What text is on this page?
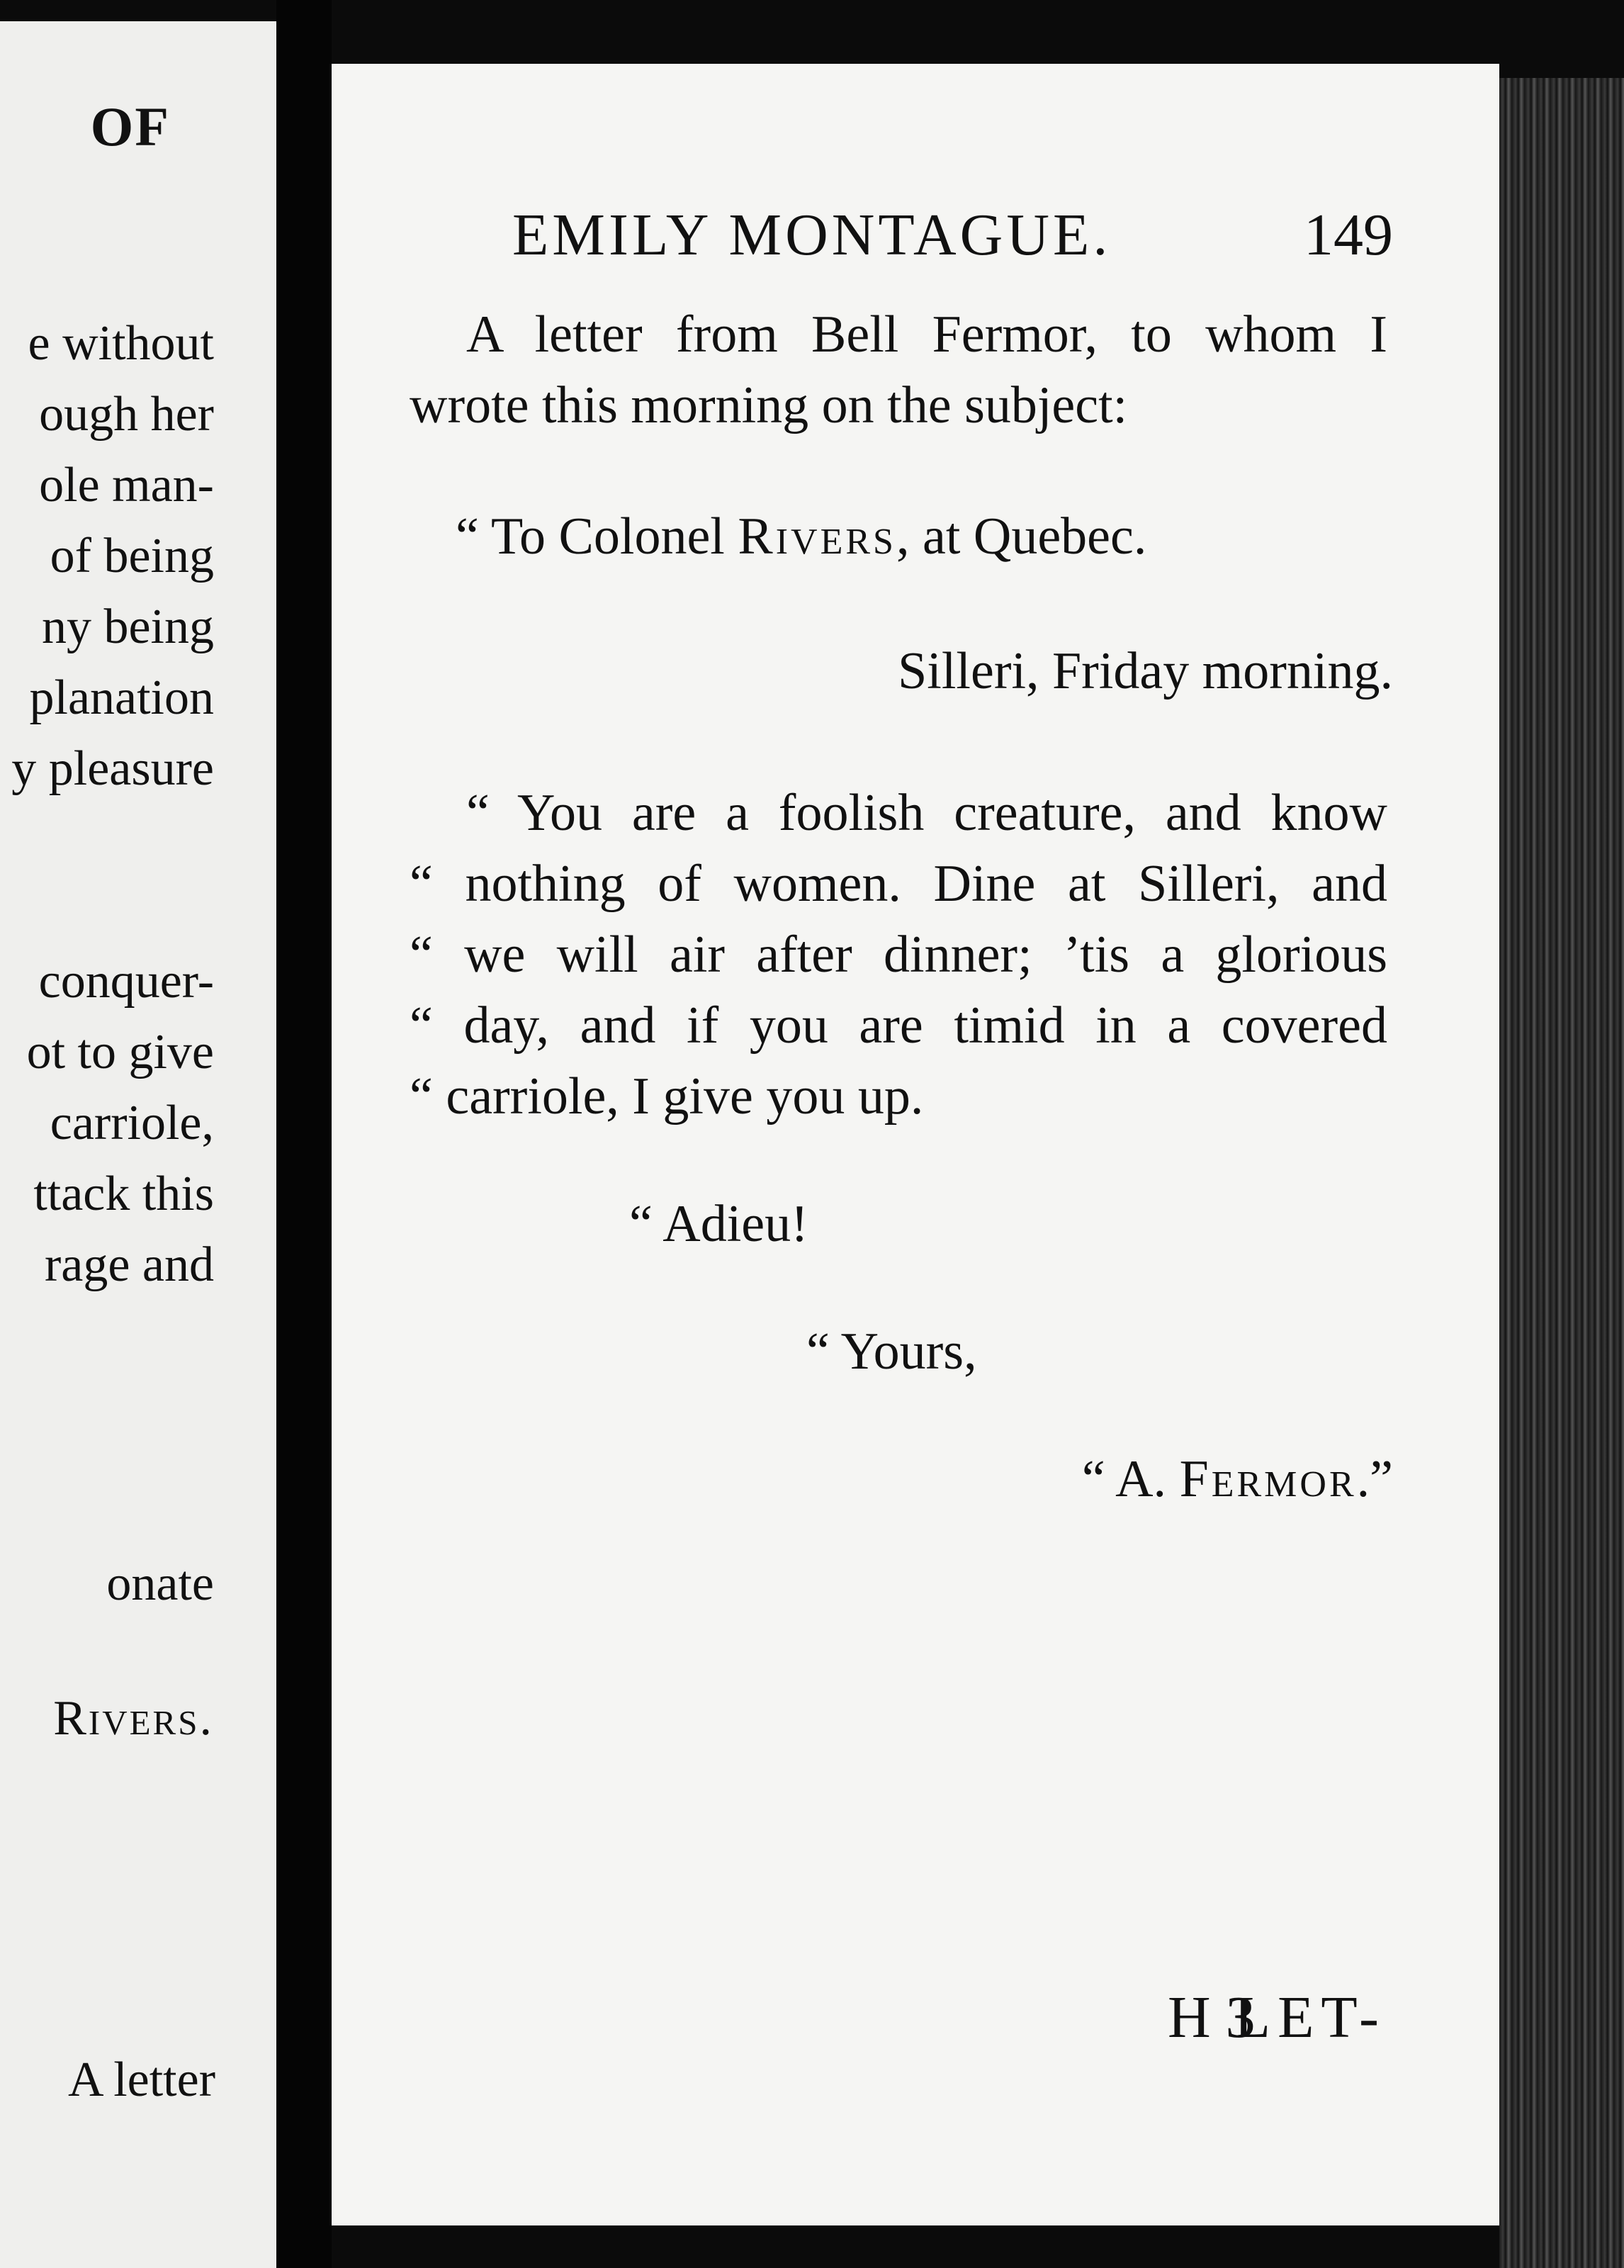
OF
e without
ough her
ole man-
of being
ny being
planation
y pleasure
conquer-
ot to give
carriole,
ttack this
rage and
onate
Rivers.
A letter
EMILY MONTAGUE.	149
A letter from Bell Fermor, to whom I
wrote this morning on the subject:
“ To Colonel Rivers, at Quebec.
Silleri, Friday morning.
“ You are a foolish creature, and know
“ nothing of women. Dine at Silleri, and
“ we will air after dinner; ’tis a glorious
“ day, and if you are timid in a covered
“ carriole, I give you up.
“ Adieu!
“ Yours,
“ A. Fermor.”
H 3
LET-
